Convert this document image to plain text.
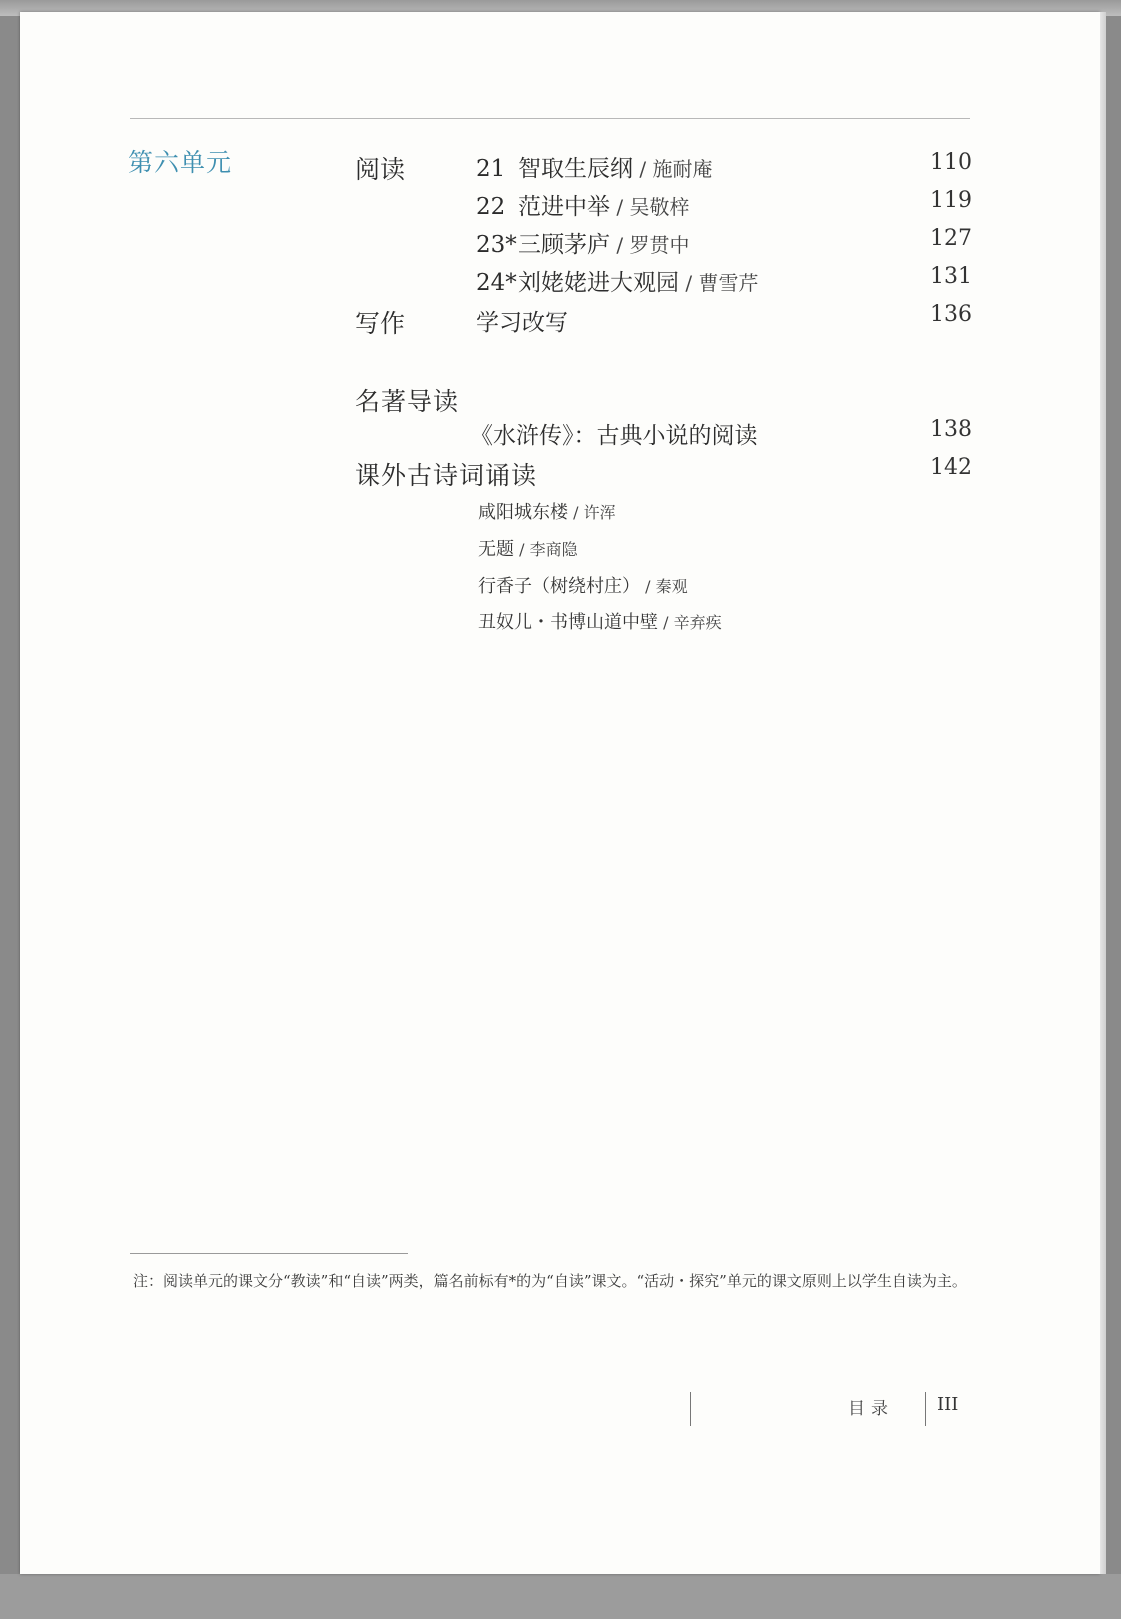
第六单元	阅读	21 智取生辰纲 / 施耐庵	110
22 范进中举 / 吴敬梓	119
23*三顾茅庐 / 罗贯中	127
24*刘姥姥进大观园 / 曹雪芹	131
写作	学习改写	136
名著导读
《水浒传》：古典小说的阅读	138
课外古诗词诵读	142
咸阳城东楼 / 许浑
无题 / 李商隐
行香子（树绕村庄） / 秦观
丑奴儿・书博山道中壁 / 辛弃疾
注：阅读单元的课文分“教读”和“自读”两类，篇名前标有*的为“自读”课文。“活动・探究”单元的课文原则上以学生自读为主。
目录 III
